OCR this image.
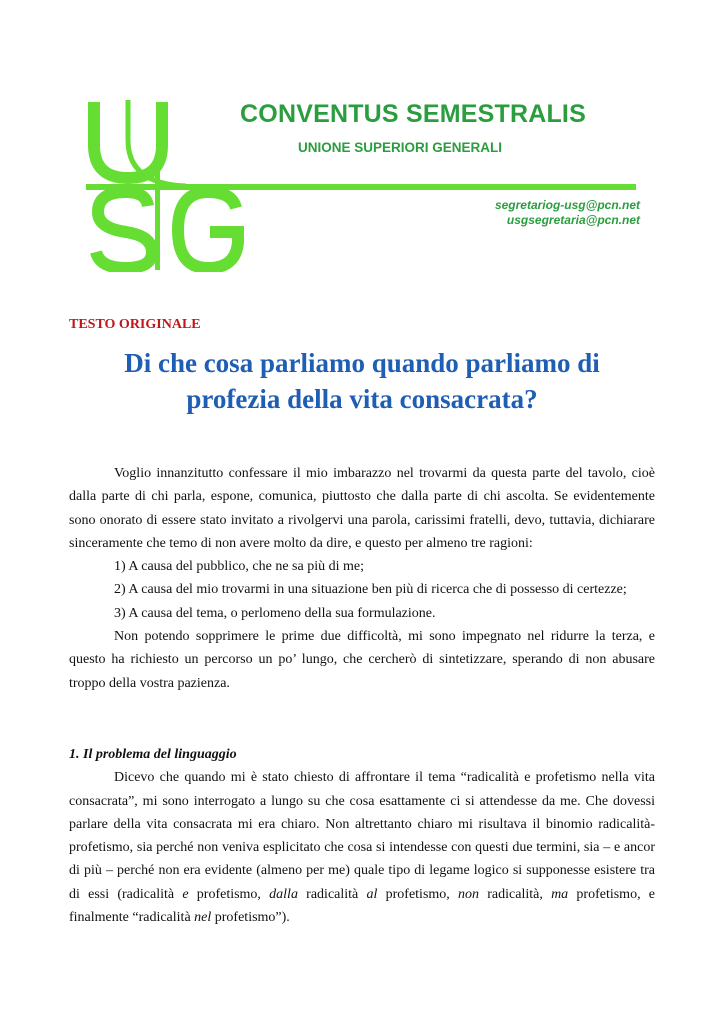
CONVENTUS SEMESTRALIS
UNIONE SUPERIORI GENERALI
segretariog-usg@pcn.net
usgsegretaria@pcn.net
TESTO ORIGINALE
Di che cosa parliamo quando parliamo di
profezia della vita consacrata?

Voglio innanzitutto confessare il mio imbarazzo nel trovarmi da questa parte del tavolo, cioè dalla parte di chi parla, espone, comunica, piuttosto che dalla parte di chi ascolta. Se evidentemente sono onorato di essere stato invitato a rivolgervi una parola, carissimi fratelli, devo, tuttavia, dichiarare sinceramente che temo di non avere molto da dire, e questo per almeno tre ragioni:

1) A causa del pubblico, che ne sa più di me;

2) A causa del mio trovarmi in una situazione ben più di ricerca che di possesso di certezze;

3) A causa del tema, o perlomeno della sua formulazione.

Non potendo sopprimere le prime due difficoltà, mi sono impegnato nel ridurre la terza, e questo ha richiesto un percorso un po’ lungo, che cercherò di sintetizzare, sperando di non abusare troppo della vostra pazienza.

1. Il problema del linguaggio

Dicevo che quando mi è stato chiesto di affrontare il tema “radicalità e profetismo nella vita consacrata”, mi sono interrogato a lungo su che cosa esattamente ci si attendesse da me. Che dovessi parlare della vita consacrata mi era chiaro. Non altrettanto chiaro mi risultava il binomio radicalità-profetismo, sia perché non veniva esplicitato che cosa si intendesse con questi due termini, sia – e ancor di più – perché non era evidente (almeno per me) quale tipo di legame logico si supponesse esistere tra di essi (radicalità e profetismo, dalla radicalità al profetismo, non radicalità, ma profetismo, e finalmente “radicalità nel profetismo”).
